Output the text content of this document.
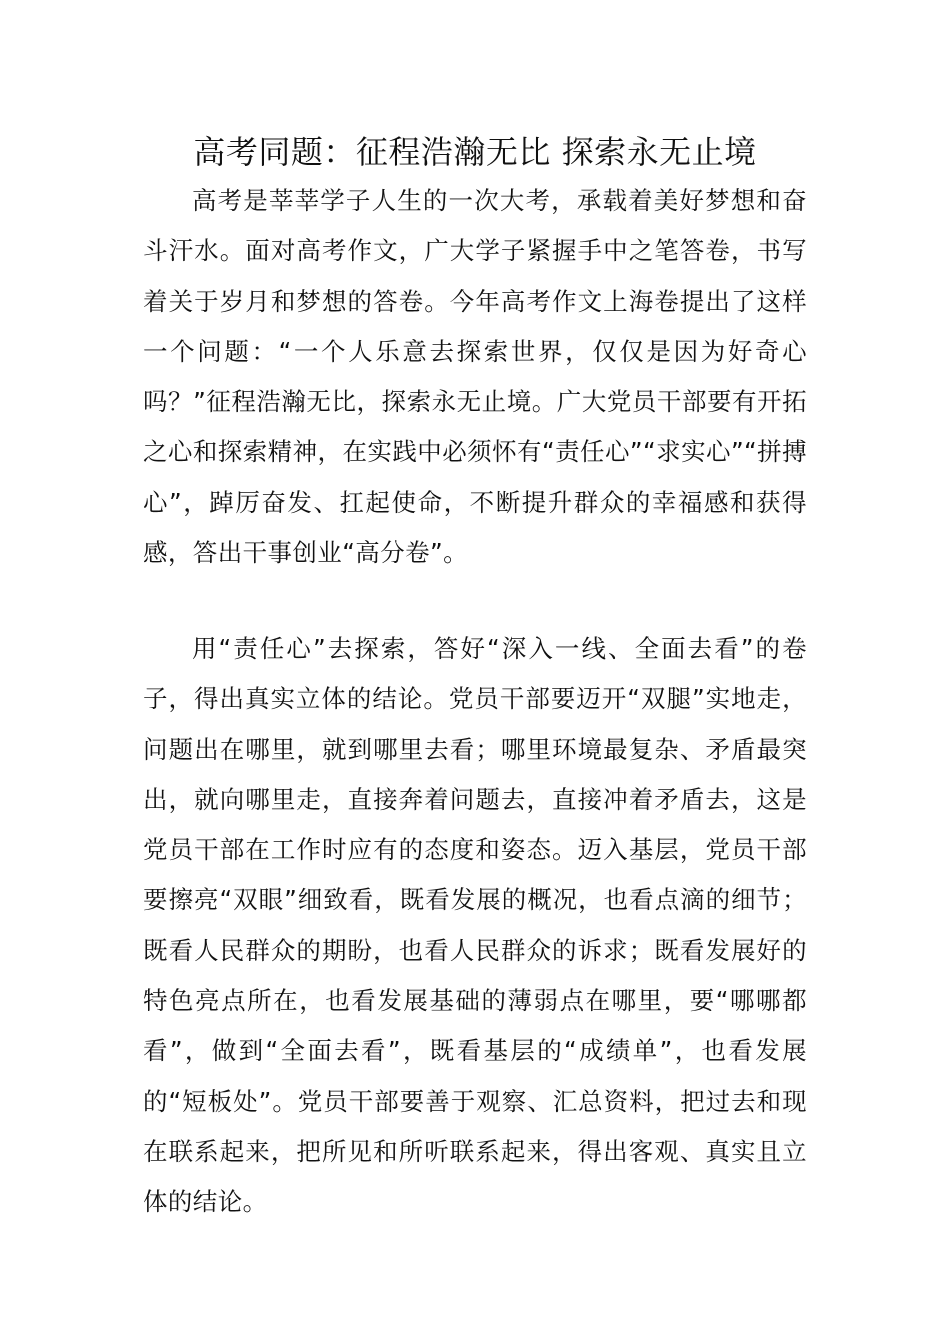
高考同题：征程浩瀚无比 探索永无止境

高考是莘莘学子人生的一次大考，承载着美好梦想和奋斗汗水。面对高考作文，广大学子紧握手中之笔答卷，书写着关于岁月和梦想的答卷。今年高考作文上海卷提出了这样一个问题：“一个人乐意去探索世界，仅仅是因为好奇心吗？”征程浩瀚无比，探索永无止境。广大党员干部要有开拓之心和探索精神，在实践中必须怀有“责任心”“求实心”“拼搏心”，踔厉奋发、扛起使命，不断提升群众的幸福感和获得感，答出干事创业“高分卷”。

用“责任心”去探索，答好“深入一线、全面去看”的卷子，得出真实立体的结论。党员干部要迈开“双腿”实地走，问题出在哪里，就到哪里去看；哪里环境最复杂、矛盾最突出，就向哪里走，直接奔着问题去，直接冲着矛盾去，这是党员干部在工作时应有的态度和姿态。迈入基层，党员干部要擦亮“双眼”细致看，既看发展的概况，也看点滴的细节；既看人民群众的期盼，也看人民群众的诉求；既看发展好的特色亮点所在，也看发展基础的薄弱点在哪里，要“哪哪都看”，做到“全面去看”，既看基层的“成绩单”，也看发展的“短板处”。党员干部要善于观察、汇总资料，把过去和现在联系起来，把所见和所听联系起来，得出客观、真实且立体的结论。
